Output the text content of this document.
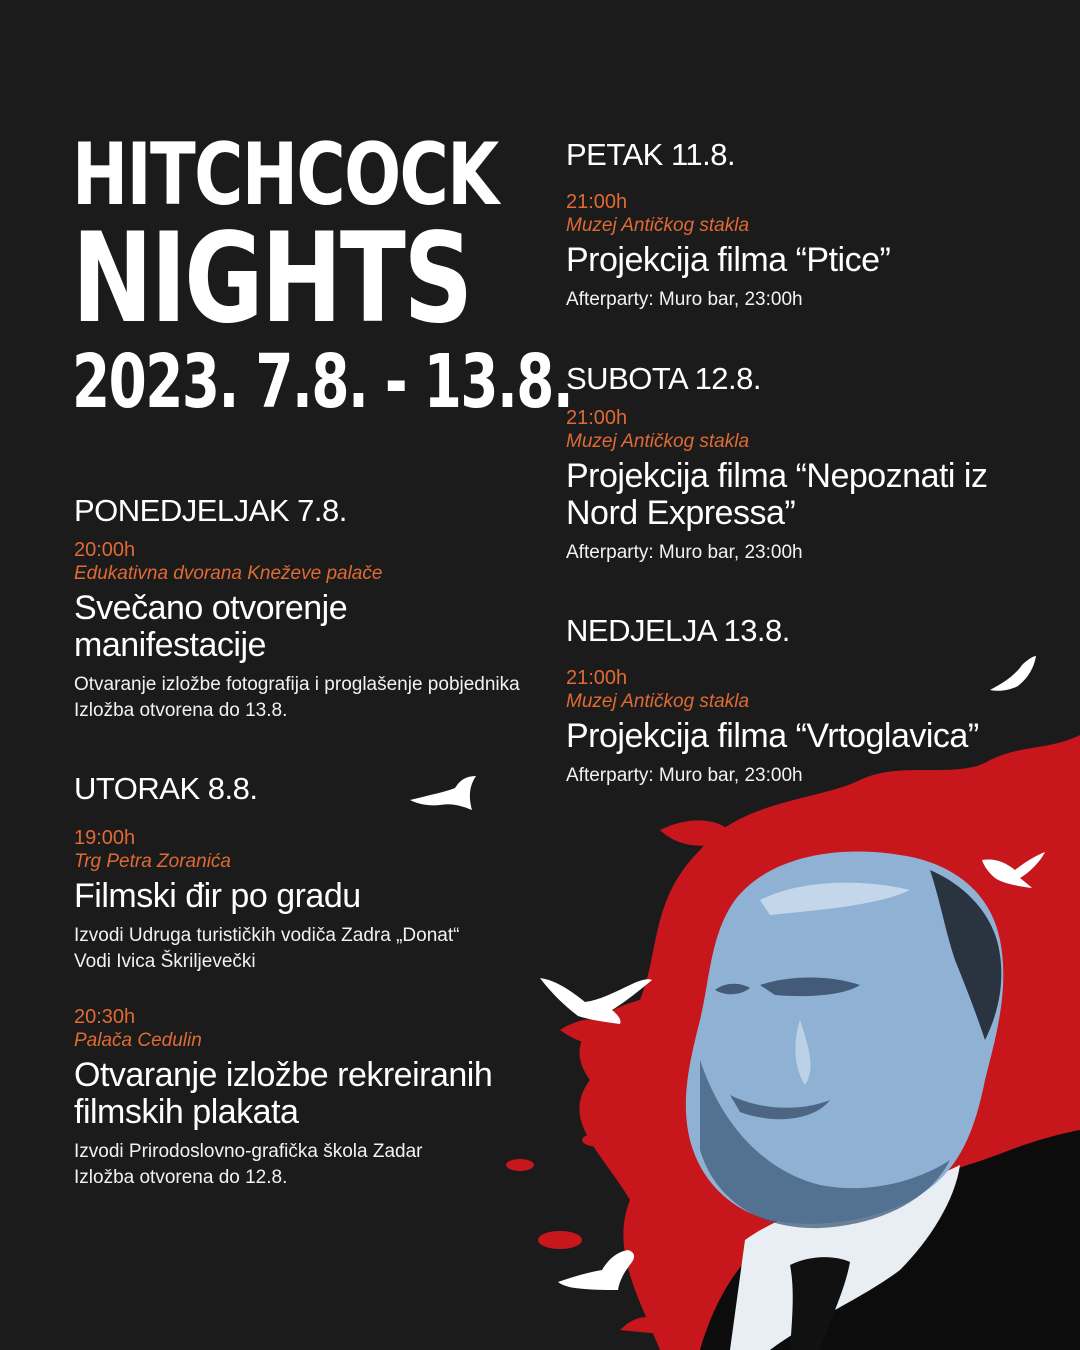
HITCHCOCK
NIGHTS
2023. 7.8. - 13.8.
PONEDJELJAK 7.8.
20:00h
Edukativna dvorana Kneževe palače
Svečano otvorenje manifestacije
Otvaranje izložbe fotografija i proglašenje pobjednika
Izložba otvorena do 13.8.
UTORAK 8.8.
19:00h
Trg Petra Zoranića
Filmski đir po gradu
Izvodi Udruga turističkih vodiča Zadra „Donat“
Vodi Ivica Škriljevečki
20:30h
Palača Cedulin
Otvaranje izložbe rekreiranih filmskih plakata
Izvodi Prirodoslovno-grafička škola Zadar
Izložba otvorena do 12.8.
PETAK 11.8.
21:00h
Muzej Antičkog stakla
Projekcija filma “Ptice”
Afterparty: Muro bar, 23:00h
SUBOTA 12.8.
21:00h
Muzej Antičkog stakla
Projekcija filma “Nepoznati iz Nord Expressa”
Afterparty: Muro bar, 23:00h
NEDJELJA 13.8.
21:00h
Muzej Antičkog stakla
Projekcija filma “Vrtoglavica”
Afterparty: Muro bar, 23:00h
